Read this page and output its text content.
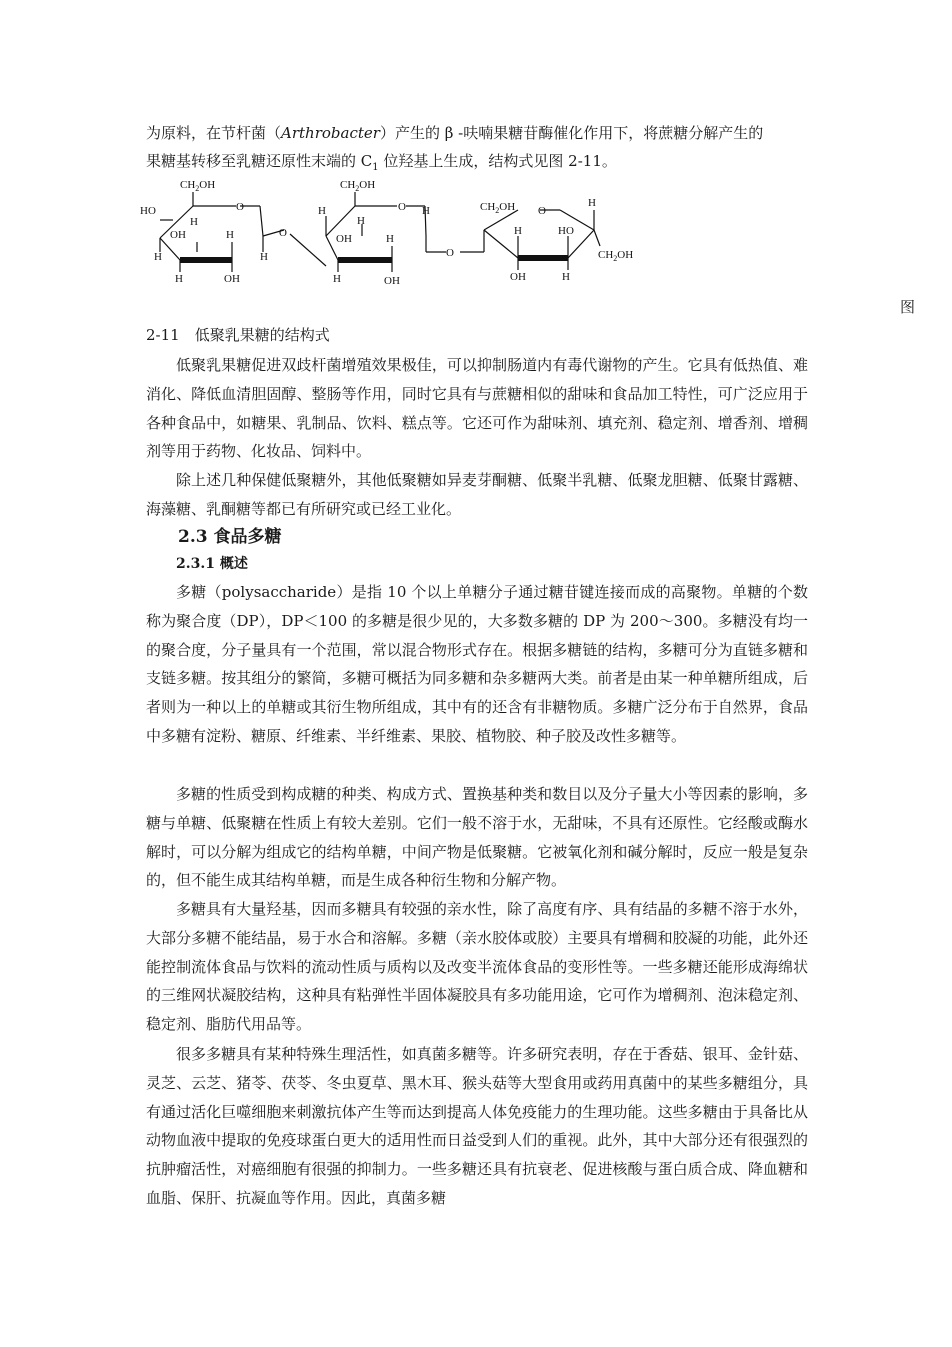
为原料，在节杆菌（Arthrobacter）产生的 β -呋喃果糖苷酶催化作用下，将蔗糖分解产生的
果糖基转移至乳糖还原性末端的 $C_1$ 位羟基上生成，结构式见图 2-11。
$CH_2OH$
HO
H
O
OH	H
H	H
H	OH
O
$CH_2OH$
H	O H
H
OH	H
H	OH
O
$CH_2OH$ O
H
H	HO
$CH_2OH$
OH	H
图
2-11　低聚乳果糖的结构式

低聚乳果糖促进双歧杆菌增殖效果极佳，可以抑制肠道内有毒代谢物的产生。它具有低热值、难消化、降低血清胆固醇、整肠等作用，同时它具有与蔗糖相似的甜味和食品加工特性，可广泛应用于各种食品中，如糖果、乳制品、饮料、糕点等。它还可作为甜味剂、填充剂、稳定剂、增香剂、增稠剂等用于药物、化妆品、饲料中。

除上述几种保健低聚糖外，其他低聚糖如异麦芽酮糖、低聚半乳糖、低聚龙胆糖、低聚甘露糖、海藻糖、乳酮糖等都已有所研究或已经工业化。

2.3 食品多糖
2.3.1 概述

多糖（polysaccharide）是指 10 个以上单糖分子通过糖苷键连接而成的高聚物。单糖的个数称为聚合度（DP），DP＜100 的多糖是很少见的，大多数多糖的 DP 为 200～300。多糖没有均一的聚合度，分子量具有一个范围，常以混合物形式存在。根据多糖链的结构，多糖可分为直链多糖和支链多糖。按其组分的繁简，多糖可概括为同多糖和杂多糖两大类。前者是由某一种单糖所组成，后者则为一种以上的单糖或其衍生物所组成，其中有的还含有非糖物质。多糖广泛分布于自然界，食品中多糖有淀粉、糖原、纤维素、半纤维素、果胶、植物胶、种子胶及改性多糖等。

多糖的性质受到构成糖的种类、构成方式、置换基种类和数目以及分子量大小等因素的影响，多糖与单糖、低聚糖在性质上有较大差别。它们一般不溶于水，无甜味，不具有还原性。它经酸或酶水解时，可以分解为组成它的结构单糖，中间产物是低聚糖。它被氧化剂和碱分解时，反应一般是复杂的，但不能生成其结构单糖，而是生成各种衍生物和分解产物。

多糖具有大量羟基，因而多糖具有较强的亲水性，除了高度有序、具有结晶的多糖不溶于水外，大部分多糖不能结晶，易于水合和溶解。多糖（亲水胶体或胶）主要具有增稠和胶凝的功能，此外还能控制流体食品与饮料的流动性质与质构以及改变半流体食品的变形性等。一些多糖还能形成海绵状的三维网状凝胶结构，这种具有粘弹性半固体凝胶具有多功能用途，它可作为增稠剂、泡沫稳定剂、稳定剂、脂肪代用品等。

很多多糖具有某种特殊生理活性，如真菌多糖等。许多研究表明，存在于香菇、银耳、金针菇、灵芝、云芝、猪苓、茯苓、冬虫夏草、黑木耳、猴头菇等大型食用或药用真菌中的某些多糖组分，具有通过活化巨噬细胞来刺激抗体产生等而达到提高人体免疫能力的生理功能。这些多糖由于具备比从动物血液中提取的免疫球蛋白更大的适用性而日益受到人们的重视。此外，其中大部分还有很强烈的抗肿瘤活性，对癌细胞有很强的抑制力。一些多糖还具有抗衰老、促进核酸与蛋白质合成、降血糖和血脂、保肝、抗凝血等作用。因此，真菌多糖
